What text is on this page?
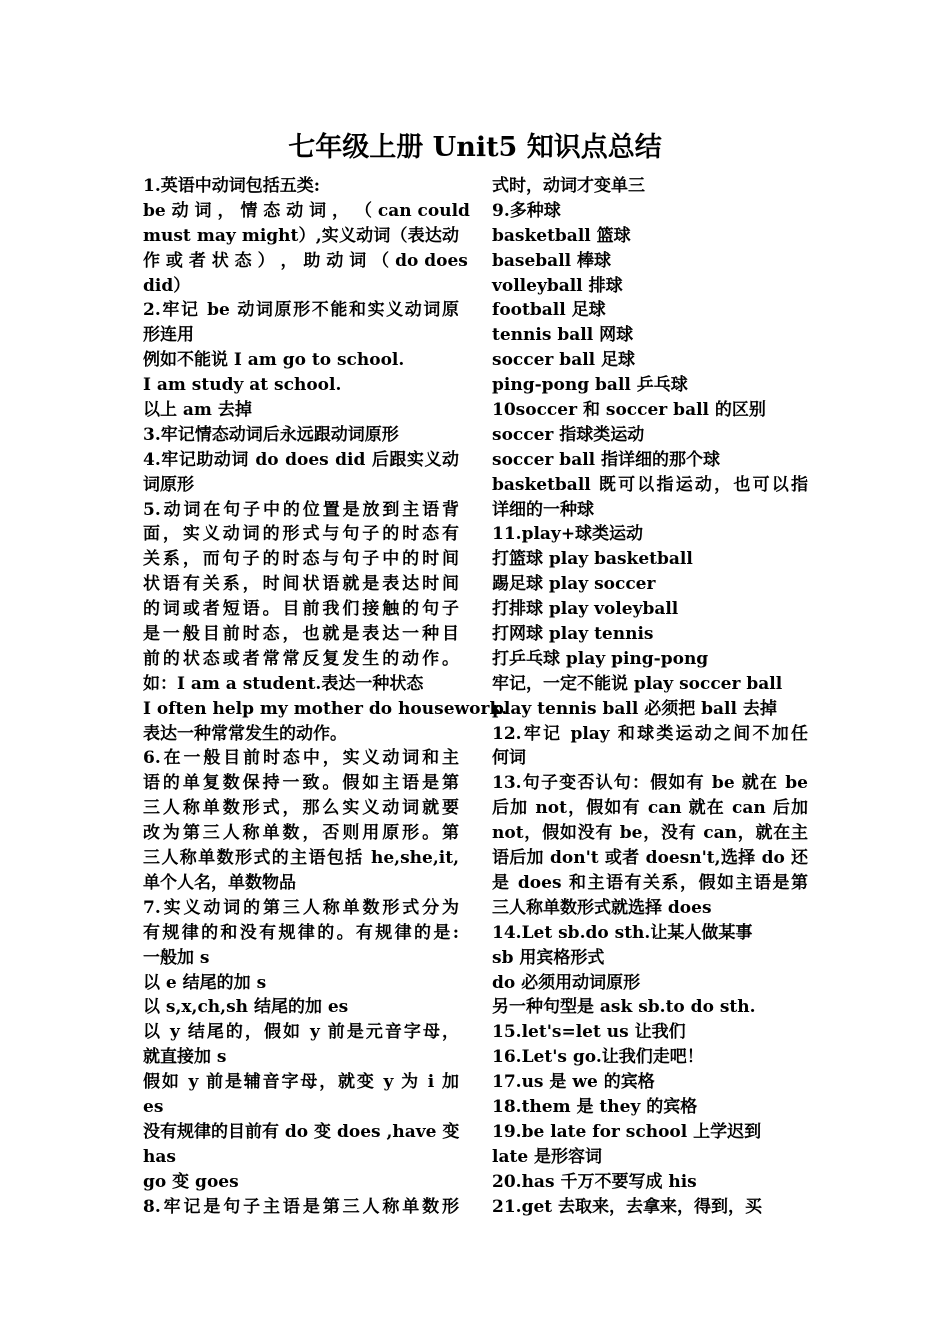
七年级上册 Unit5 知识点总结
1.英语中动词包括五类:
be 动 词 ， 情 态 动 词 ， （ can could
must may might）,实义动词（表达动
作 或 者 状 态 ） ， 助 动 词 （ do does
did）
2.牢记 be 动词原形不能和实义动词原
形连用
例如不能说 I am go to school.
I am study at school.
以上 am 去掉
3.牢记情态动词后永远跟动词原形
4.牢记助动词 do does did 后跟实义动
词原形
5.动词在句子中的位置是放到主语背
面，实义动词的形式与句子的时态有
关系，而句子的时态与句子中的时间
状语有关系，时间状语就是表达时间
的词或者短语。目前我们接触的句子
是一般目前时态，也就是表达一种目
前的状态或者常常反复发生的动作。
如：I am a student.表达一种状态
I often help my mother do housework.
表达一种常常发生的动作。
6.在一般目前时态中，实义动词和主
语的单复数保持一致。假如主语是第
三人称单数形式，那么实义动词就要
改为第三人称单数，否则用原形。第
三人称单数形式的主语包括 he,she,it,
单个人名，单数物品
7.实义动词的第三人称单数形式分为
有规律的和没有规律的。有规律的是:
一般加 s
以 e 结尾的加 s
以 s,x,ch,sh 结尾的加 es
以 y 结尾的，假如 y 前是元音字母，
就直接加 s
假如 y 前是辅音字母，就变 y 为 i 加
es
没有规律的目前有 do 变 does ,have 变
has
go 变 goes
8.牢记是句子主语是第三人称单数形
式时，动词才变单三
9.多种球
basketball 篮球
baseball 棒球
volleyball 排球
football 足球
tennis ball 网球
soccer ball 足球
ping-pong ball 乒乓球
10soccer 和 soccer ball 的区别
soccer 指球类运动
soccer ball 指详细的那个球
basketball 既可以指运动，也可以指
详细的一种球
11.play+球类运动
打篮球 play basketball
踢足球 play soccer
打排球 play voleyball
打网球 play tennis
打乒乓球 play ping-pong
牢记，一定不能说 play soccer ball
play tennis ball 必须把 ball 去掉
12.牢记 play 和球类运动之间不加任
何词
13.句子变否认句：假如有 be 就在 be
后加 not，假如有 can 就在 can 后加
not，假如没有 be，没有 can，就在主
语后加 don't 或者 doesn't,选择 do 还
是 does 和主语有关系，假如主语是第
三人称单数形式就选择 does
14.Let sb.do sth.让某人做某事
sb 用宾格形式
do 必须用动词原形
另一种句型是 ask sb.to do sth.
15.let's=let us 让我们
16.Let's go.让我们走吧！
17.us 是 we 的宾格
18.them 是 they 的宾格
19.be late for school 上学迟到
late 是形容词
20.has 千万不要写成 his
21.get 去取来，去拿来，得到，买
